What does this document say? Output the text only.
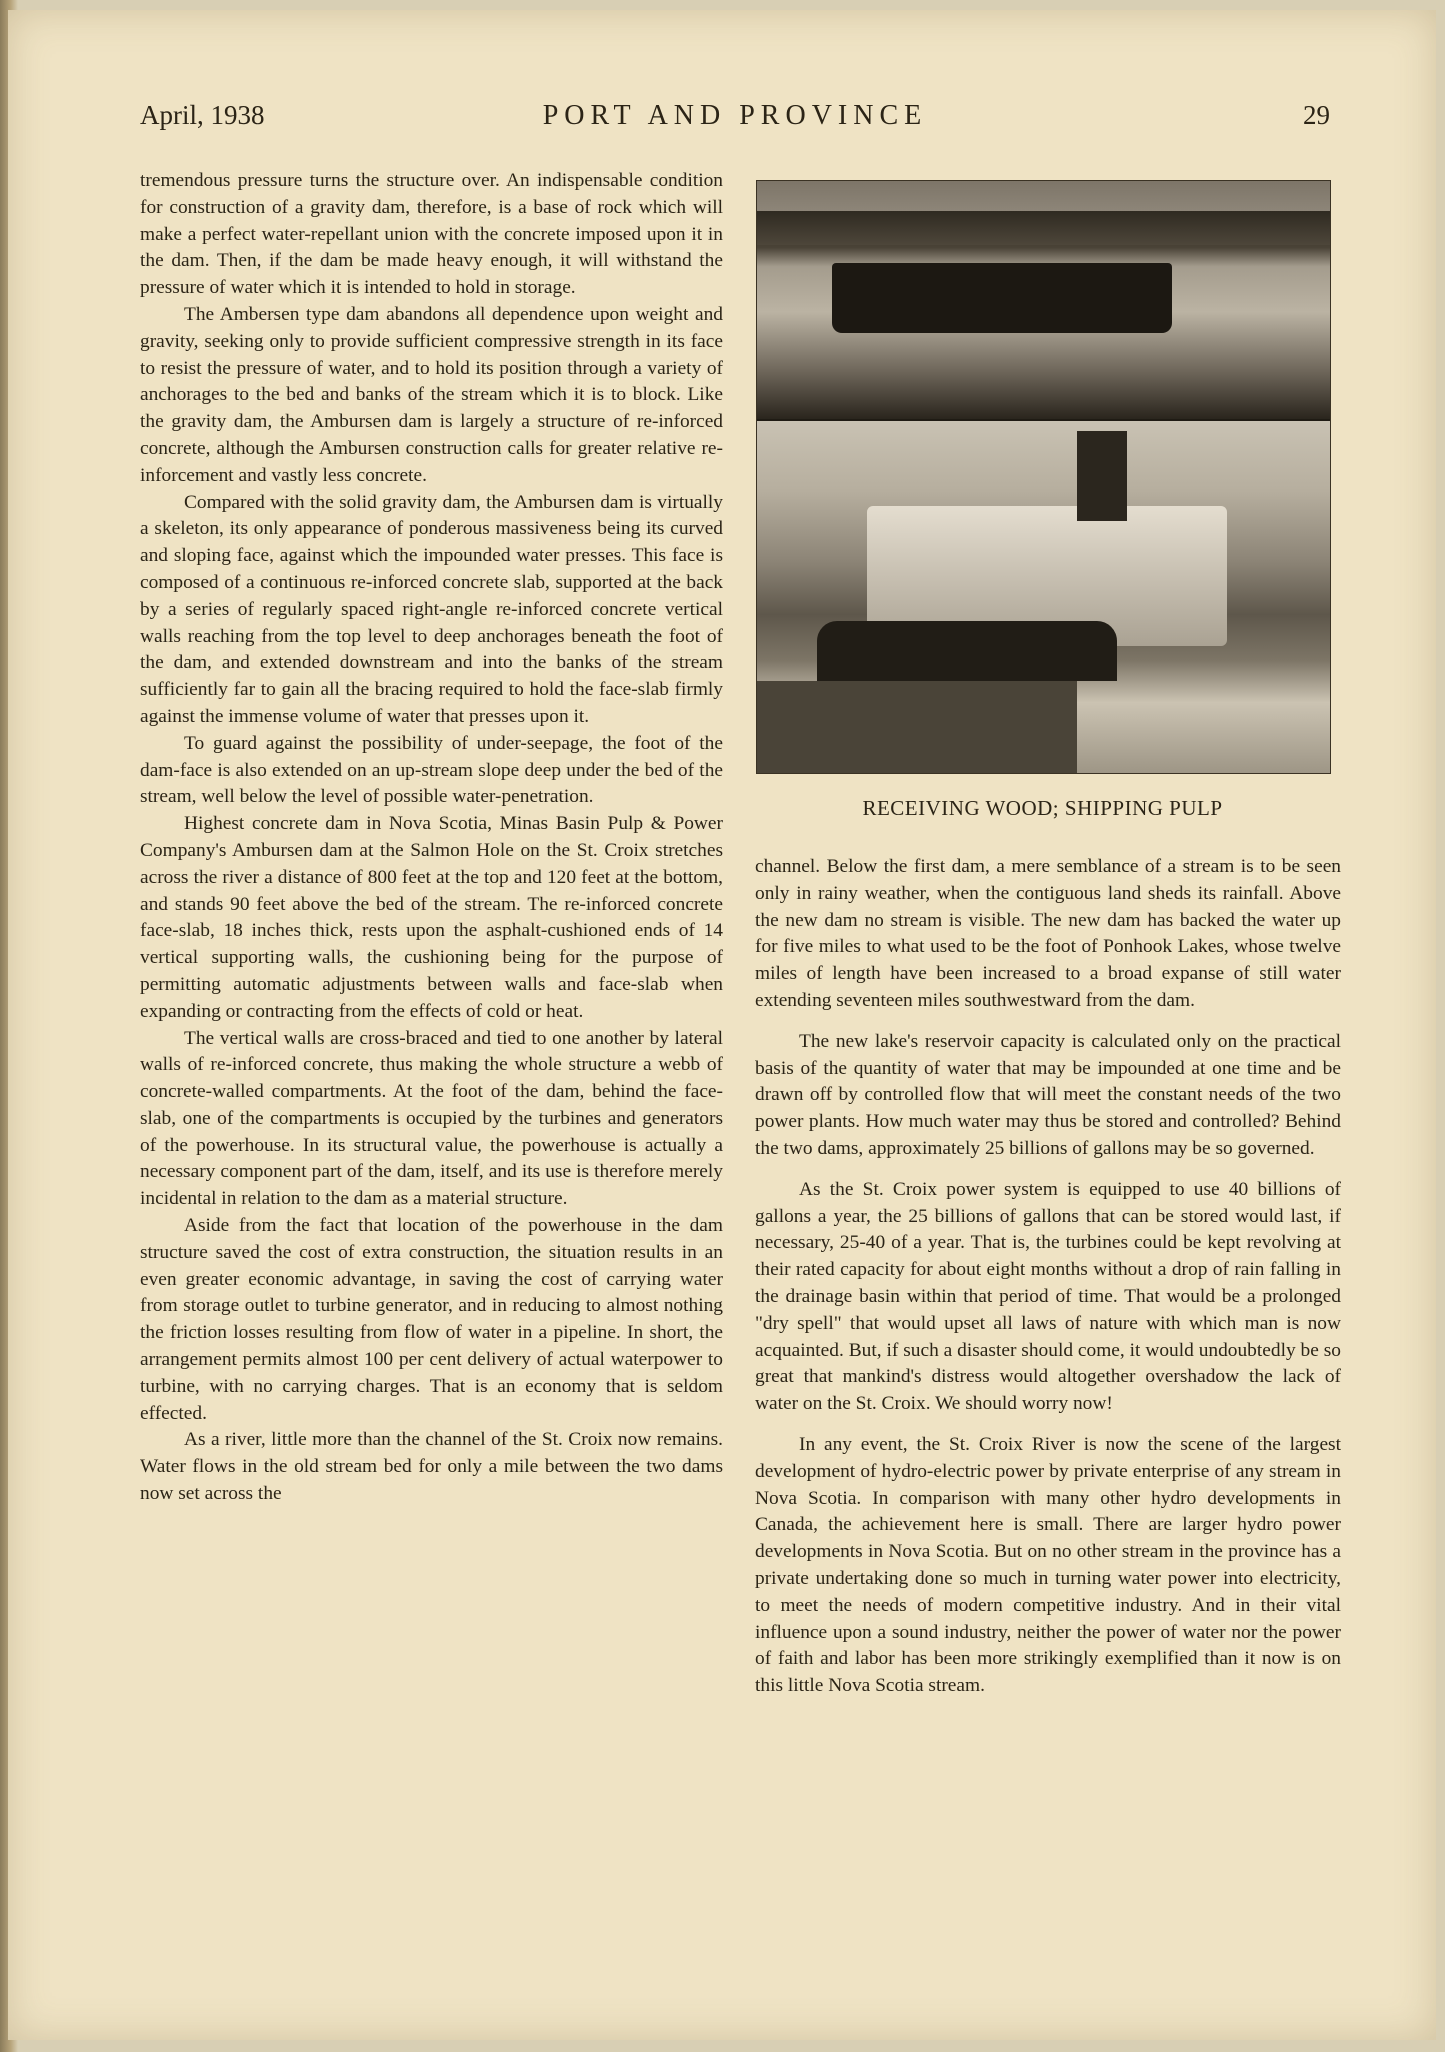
April, 1938	PORT AND PROVINCE	29

tremendous pressure turns the structure over. An indispensable condition for construction of a gravity dam, therefore, is a base of rock which will make a perfect water-repellant union with the concrete imposed upon it in the dam. Then, if the dam be made heavy enough, it will withstand the pressure of water which it is intended to hold in storage.

The Ambersen type dam abandons all dependence upon weight and gravity, seeking only to provide sufficient compressive strength in its face to resist the pressure of water, and to hold its position through a variety of anchorages to the bed and banks of the stream which it is to block. Like the gravity dam, the Ambursen dam is largely a structure of re-inforced concrete, although the Ambursen construction calls for greater relative re-inforcement and vastly less concrete.

Compared with the solid gravity dam, the Ambursen dam is virtually a skeleton, its only appearance of ponderous massiveness being its curved and sloping face, against which the impounded water presses. This face is composed of a continuous re-inforced concrete slab, supported at the back by a series of regularly spaced right-angle re-inforced concrete vertical walls reaching from the top level to deep anchorages beneath the foot of the dam, and extended downstream and into the banks of the stream sufficiently far to gain all the bracing required to hold the face-slab firmly against the immense volume of water that presses upon it.

To guard against the possibility of under-seepage, the foot of the dam-face is also extended on an up-stream slope deep under the bed of the stream, well below the level of possible water-penetration.

Highest concrete dam in Nova Scotia, Minas Basin Pulp & Power Company's Ambursen dam at the Salmon Hole on the St. Croix stretches across the river a distance of 800 feet at the top and 120 feet at the bottom, and stands 90 feet above the bed of the stream. The re-inforced concrete face-slab, 18 inches thick, rests upon the asphalt-cushioned ends of 14 vertical supporting walls, the cushioning being for the purpose of permitting automatic adjustments between walls and face-slab when expanding or contracting from the effects of cold or heat.

The vertical walls are cross-braced and tied to one another by lateral walls of re-inforced concrete, thus making the whole structure a webb of concrete-walled compartments. At the foot of the dam, behind the face-slab, one of the compartments is occupied by the turbines and generators of the powerhouse. In its structural value, the powerhouse is actually a necessary component part of the dam, itself, and its use is therefore merely incidental in relation to the dam as a material structure.

Aside from the fact that location of the powerhouse in the dam structure saved the cost of extra construction, the situation results in an even greater economic advantage, in saving the cost of carrying water from storage outlet to turbine generator, and in reducing to almost nothing the friction losses resulting from flow of water in a pipeline. In short, the arrangement permits almost 100 per cent delivery of actual waterpower to turbine, with no carrying charges. That is an economy that is seldom effected.

As a river, little more than the channel of the St. Croix now remains. Water flows in the old stream bed for only a mile between the two dams now set across the

RECEIVING WOOD; SHIPPING PULP

channel. Below the first dam, a mere semblance of a stream is to be seen only in rainy weather, when the contiguous land sheds its rainfall. Above the new dam no stream is visible. The new dam has backed the water up for five miles to what used to be the foot of Ponhook Lakes, whose twelve miles of length have been increased to a broad expanse of still water extending seventeen miles southwestward from the dam.

The new lake's reservoir capacity is calculated only on the practical basis of the quantity of water that may be impounded at one time and be drawn off by controlled flow that will meet the constant needs of the two power plants. How much water may thus be stored and controlled? Behind the two dams, approximately 25 billions of gallons may be so governed.

As the St. Croix power system is equipped to use 40 billions of gallons a year, the 25 billions of gallons that can be stored would last, if necessary, 25-40 of a year. That is, the turbines could be kept revolving at their rated capacity for about eight months without a drop of rain falling in the drainage basin within that period of time. That would be a prolonged "dry spell" that would upset all laws of nature with which man is now acquainted. But, if such a disaster should come, it would undoubtedly be so great that mankind's distress would altogether overshadow the lack of water on the St. Croix. We should worry now!

In any event, the St. Croix River is now the scene of the largest development of hydro-electric power by private enterprise of any stream in Nova Scotia. In comparison with many other hydro developments in Canada, the achievement here is small. There are larger hydro power developments in Nova Scotia. But on no other stream in the province has a private undertaking done so much in turning water power into electricity, to meet the needs of modern competitive industry. And in their vital influence upon a sound industry, neither the power of water nor the power of faith and labor has been more strikingly exemplified than it now is on this little Nova Scotia stream.
